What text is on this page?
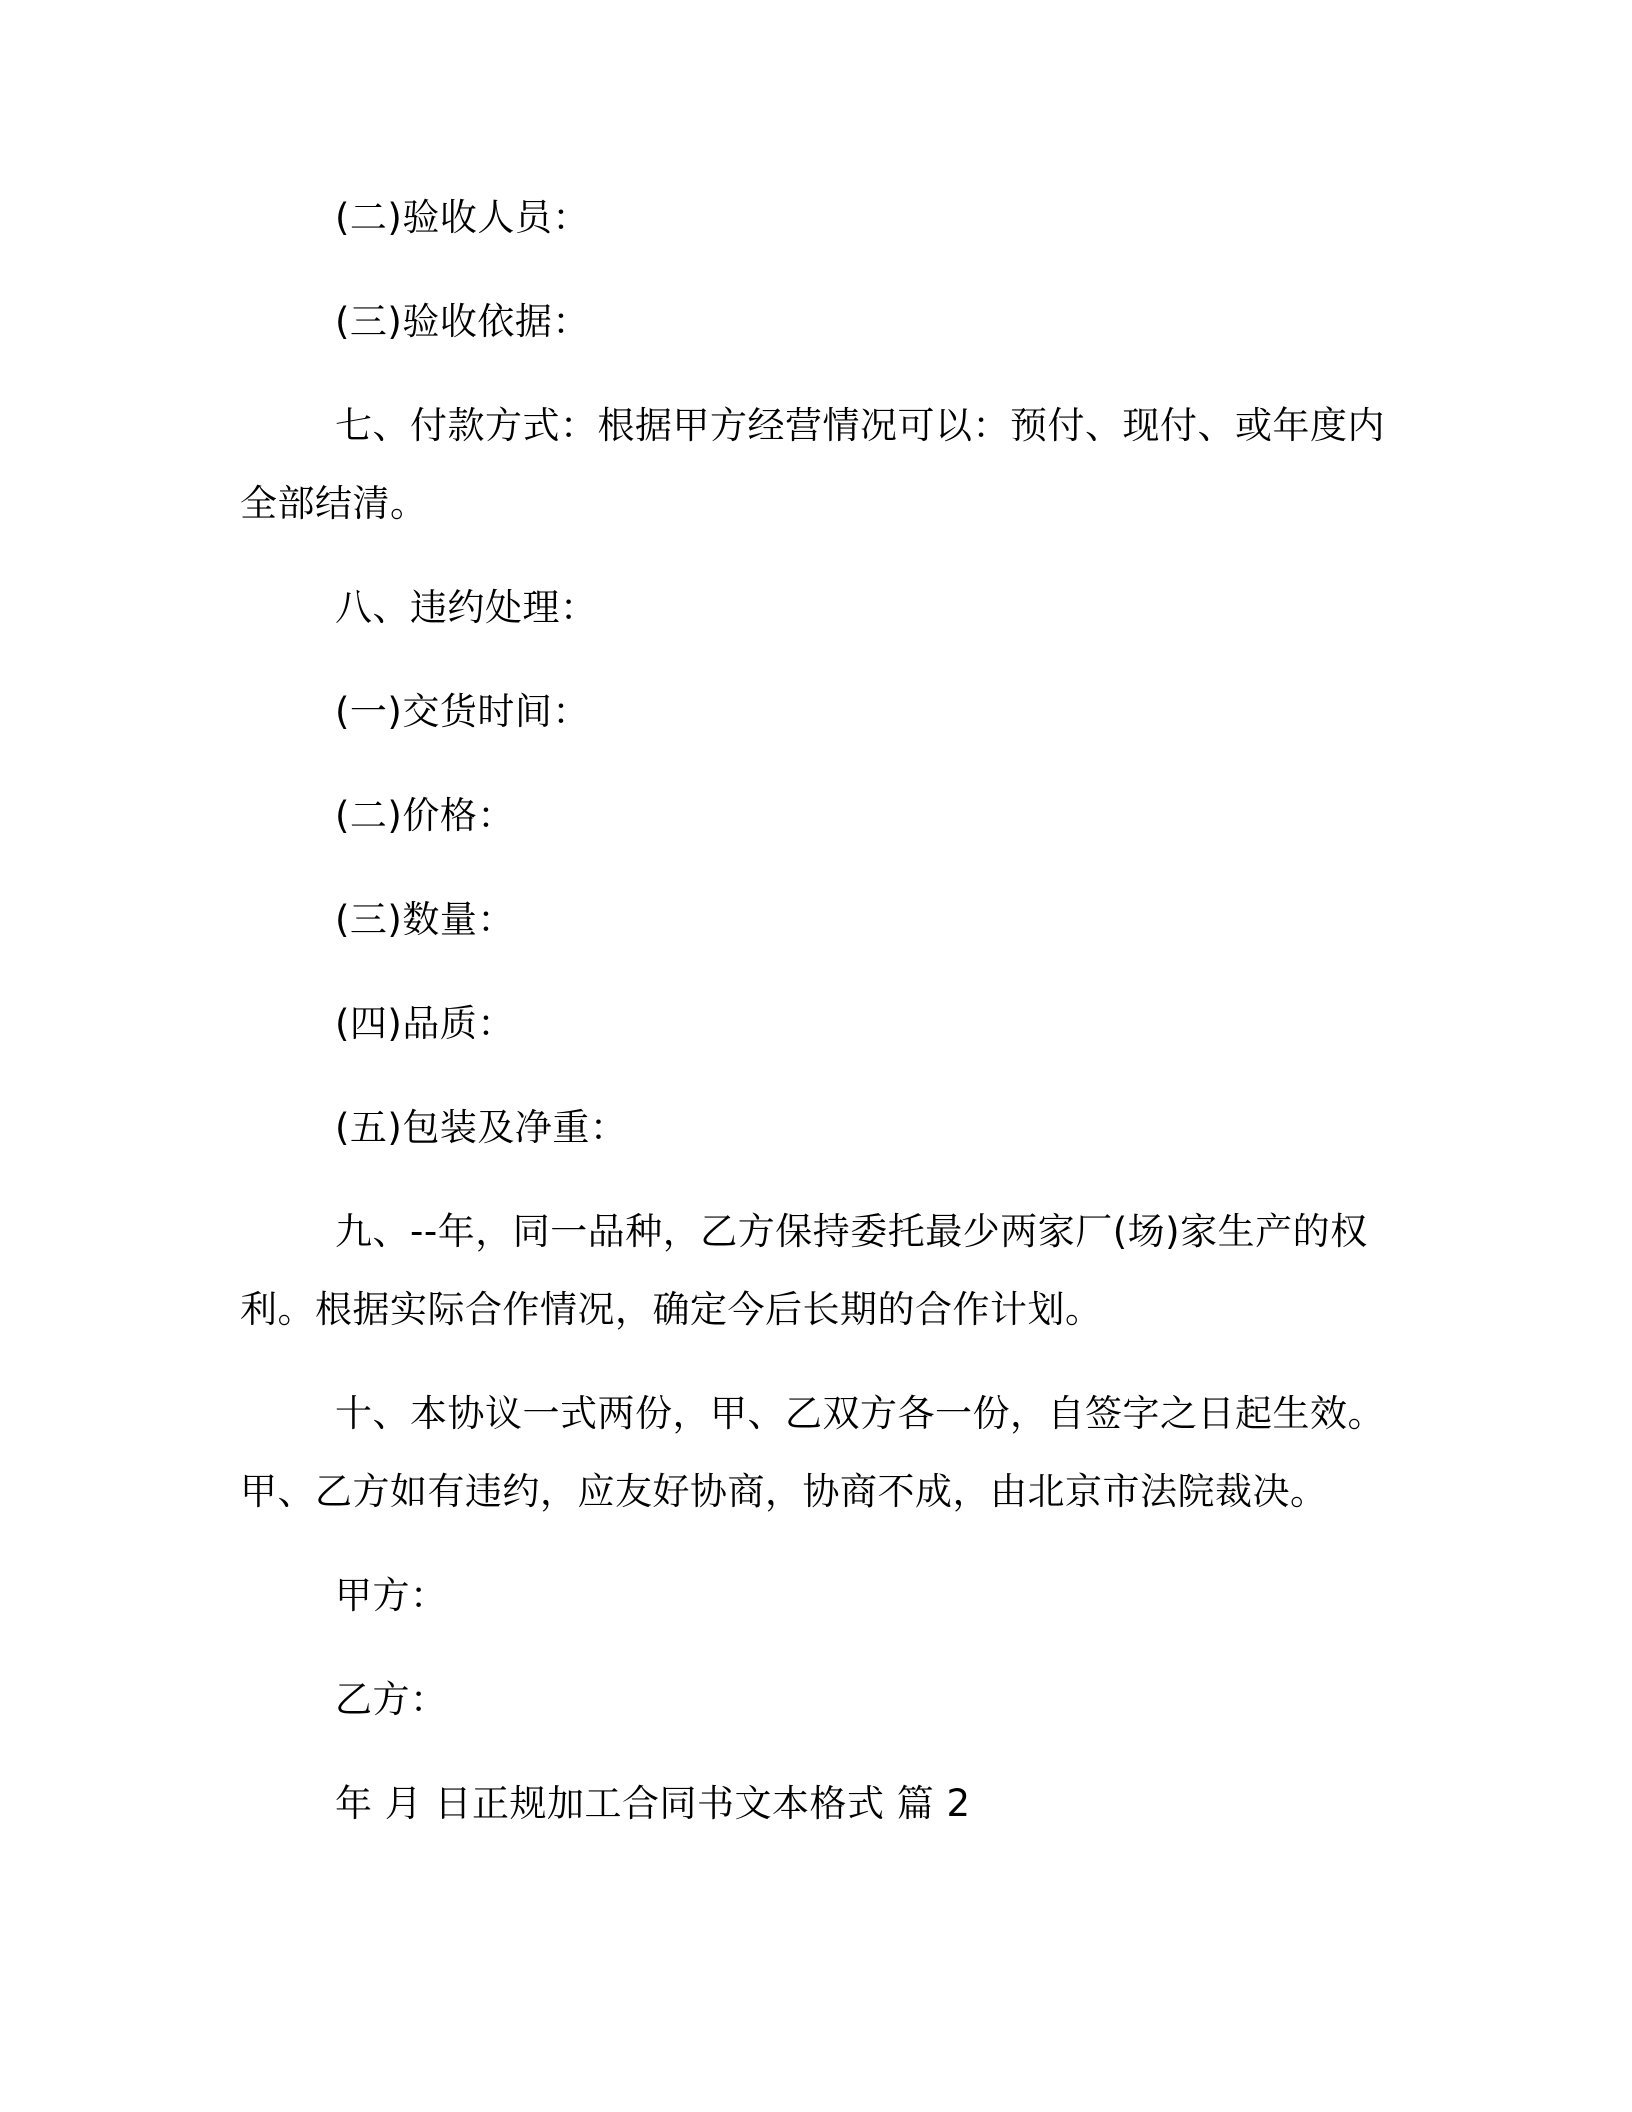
(二)验收人员：
(三)验收依据：
七、付款方式：根据甲方经营情况可以：预付、现付、或年度内
全部结清。
八、违约处理：
(一)交货时间：
(二)价格：
(三)数量：
(四)品质：
(五)包装及净重：
九、--年，同一品种，乙方保持委托最少两家厂(场)家生产的权
利。根据实际合作情况，确定今后长期的合作计划。
十、本协议一式两份，甲、乙双方各一份，自签字之日起生效。
甲、乙方如有违约，应友好协商，协商不成，由北京市法院裁决。
甲方：
乙方：
年 月 日正规加工合同书文本格式 篇 2
